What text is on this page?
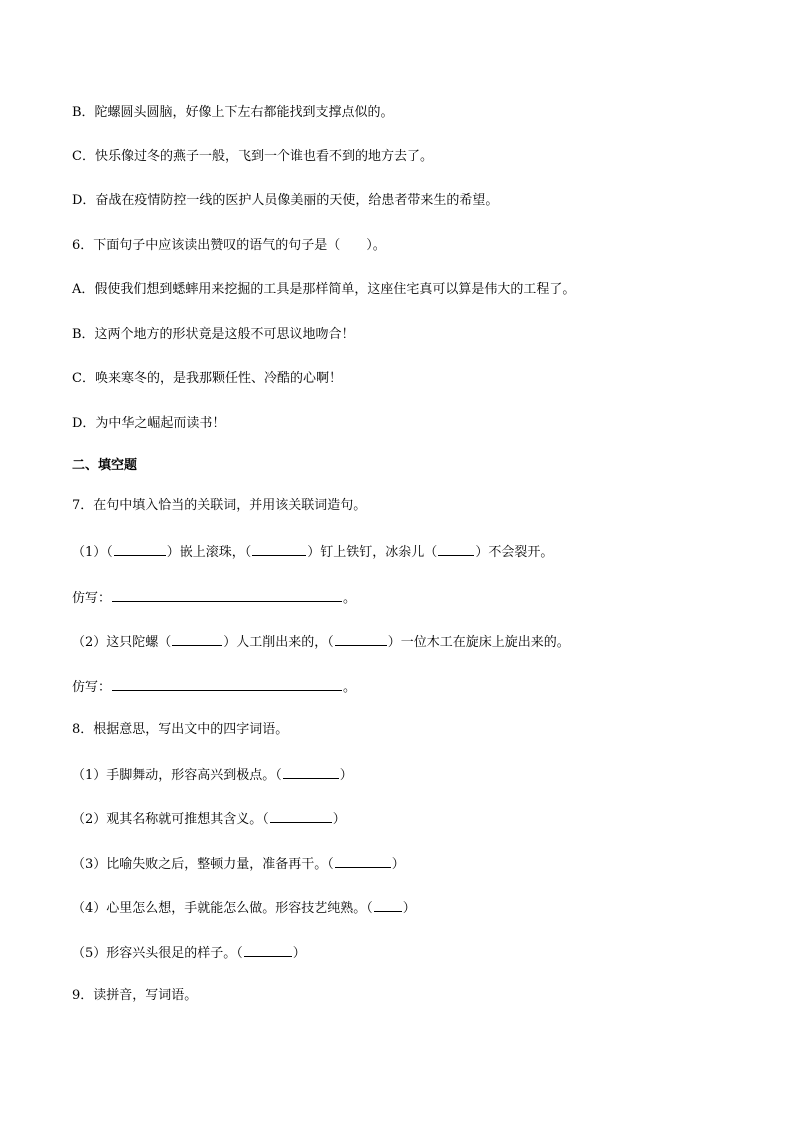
B．陀螺圆头圆脑，好像上下左右都能找到支撑点似的。
C．快乐像过冬的燕子一般，飞到一个谁也看不到的地方去了。
D．奋战在疫情防控一线的医护人员像美丽的天使，给患者带来生的希望。
6．下面句子中应该读出赞叹的语气的句子是（　　）。
A．假使我们想到蟋蟀用来挖掘的工具是那样简单，这座住宅真可以算是伟大的工程了。
B．这两个地方的形状竟是这般不可思议地吻合！
C．唤来寒冬的，是我那颗任性、冷酷的心啊！
D．为中华之崛起而读书！
二、填空题
7．在句中填入恰当的关联词，并用该关联词造句。
（1）（	）嵌上滚珠，（	）钉上铁钉，冰尜儿（	）不会裂开。
仿写：	。
（2）这只陀螺（	）人工削出来的，（	）一位木工在旋床上旋出来的。
仿写：	。
8．根据意思，写出文中的四字词语。
（1）手脚舞动，形容高兴到极点。（	）
（2）观其名称就可推想其含义。（	）
（3）比喻失败之后，整顿力量，准备再干。（	）
（4）心里怎么想，手就能怎么做。形容技艺纯熟。（ ）
（5）形容兴头很足的样子。（	）
9．读拼音，写词语。
